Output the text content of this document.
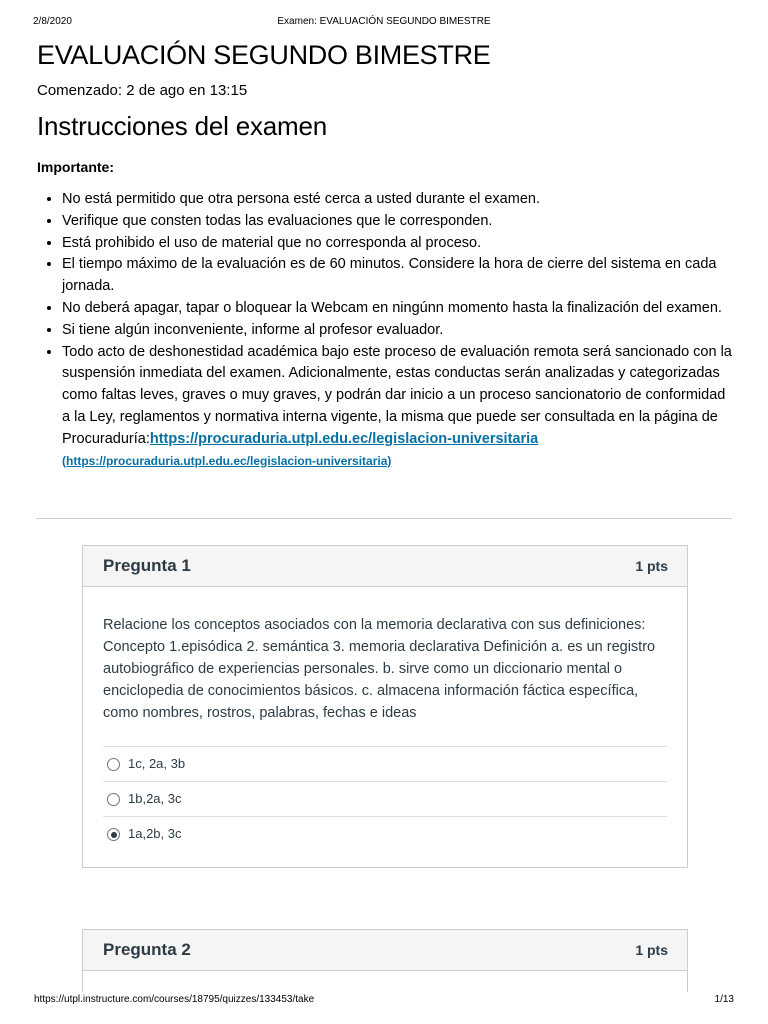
2/8/2020	Examen: EVALUACIÓN SEGUNDO BIMESTRE
EVALUACIÓN SEGUNDO BIMESTRE
Comenzado: 2 de ago en 13:15
Instrucciones del examen
Importante:
• No está permitido que otra persona esté cerca a usted durante el examen.
• Verifique que consten todas las evaluaciones que le corresponden.
• Está prohibido el uso de material que no corresponda al proceso.
• El tiempo máximo de la evaluación es de 60 minutos. Considere la hora de cierre del sistema en cada jornada.
• No deberá apagar, tapar o bloquear la Webcam en ningúnn momento hasta la finalización del examen.
• Si tiene algún inconveniente, informe al profesor evaluador.
• Todo acto de deshonestidad académica bajo este proceso de evaluación remota será sancionado con la suspensión inmediata del examen. Adicionalmente, estas conductas serán analizadas y categorizadas como faltas leves, graves o muy graves, y podrán dar inicio a un proceso sancionatorio de conformidad a la Ley, reglamentos y normativa interna vigente, la misma que puede ser consultada en la página de Procuraduría:https://procuraduria.utpl.edu.ec/legislacion-universitaria
(https://procuraduria.utpl.edu.ec/legislacion-universitaria)
Pregunta 1	1 pts
Relacione los conceptos asociados con la memoria declarativa con sus definiciones: Concepto 1.episódica 2. semántica 3. memoria declarativa Definición a. es un registro autobiográfico de experiencias personales. b. sirve como un diccionario mental o enciclopedia de conocimientos básicos. c. almacena información fáctica específica, como nombres, rostros, palabras, fechas e ideas
1c, 2a, 3b
1b,2a, 3c
1a,2b, 3c
Pregunta 2	1 pts
https://utpl.instructure.com/courses/18795/quizzes/133453/take	1/13
